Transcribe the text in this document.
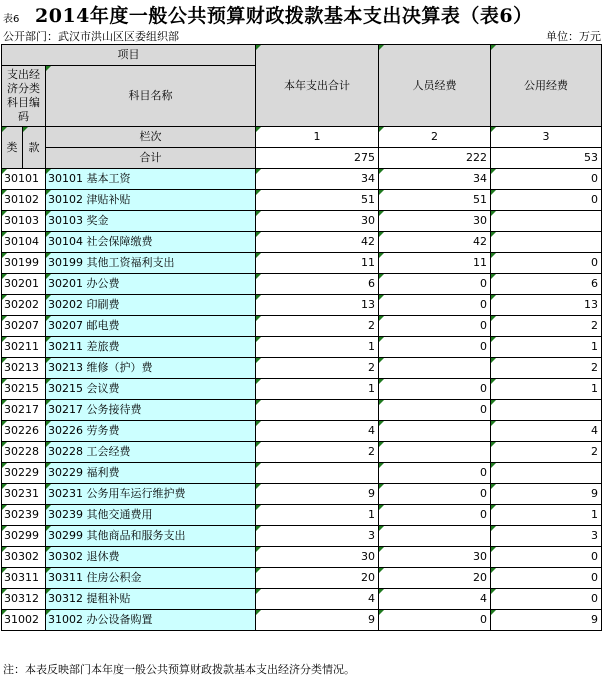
表6 2014年度一般公共预算财政拨款基本支出决算表（表6）
公开部门：武汉市洪山区区委组织部	单位：万元
项目			本年支出合计	人员经费	公用经费
支出经济分类科目编码		科目名称			

类	款	栏次	1	2	3
		合计	275	222	53
30101		30101 基本工资	34	34	0
30102		30102 津贴补贴	51	51	0
30103		30103 奖金	30	30	
30104		30104 社会保障缴费	42	42	
30199		30199 其他工资福利支出	11	11	0
30201		30201 办公费	6	0	6
30202		30202 印刷费	13	0	13
30207		30207 邮电费	2	0	2
30211		30211 差旅费	1	0	1
30213		30213 维修（护）费	2		2
30215		30215 会议费	1	0	1
30217		30217 公务接待费		0	
30226		30226 劳务费	4		4
30228		30228 工会经费	2		2
30229		30229 福利费		0	
30231		30231 公务用车运行维护费	9	0	9
30239		30239 其他交通费用	1	0	1
30299		30299 其他商品和服务支出	3		3
30302		30302 退休费	30	30	0
30311		30311 住房公积金	20	20	0
30312		30312 提租补贴	4	4	0
31002		31002 办公设备购置	9	0	9
注：本表反映部门本年度一般公共预算财政拨款基本支出经济分类情况。
